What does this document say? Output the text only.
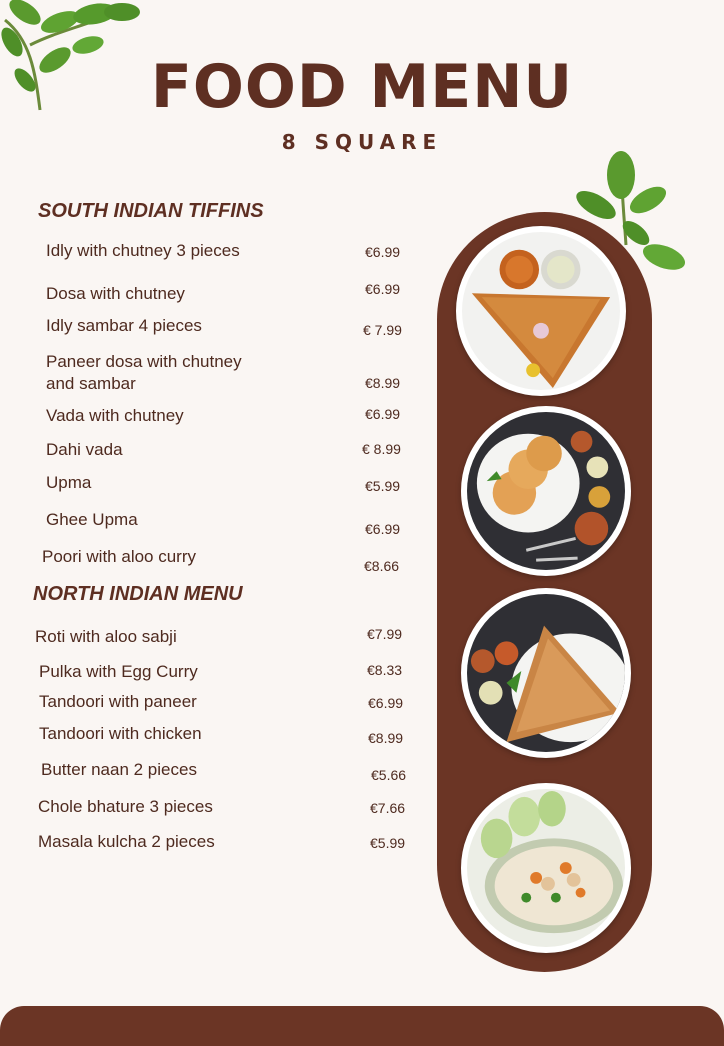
FOOD MENU
8 SQUARE
SOUTH INDIAN TIFFINS
Idly with chutney 3 pieces	€6.99
Dosa with chutney	€6.99
Idly sambar 4 pieces	€ 7.99
Paneer dosa with chutney
and sambar	€8.99
Vada with chutney	€6.99
Dahi vada	€ 8.99
Upma	€5.99
Ghee Upma	€6.99
Poori with aloo curry	€8.66
NORTH INDIAN MENU
Roti with aloo sabji	€7.99
Pulka with Egg Curry	€8.33
Tandoori with paneer	€6.99
Tandoori with chicken	€8.99
Butter naan 2 pieces	€5.66
Chole bhature 3 pieces	€7.66
Masala kulcha 2 pieces	€5.99
